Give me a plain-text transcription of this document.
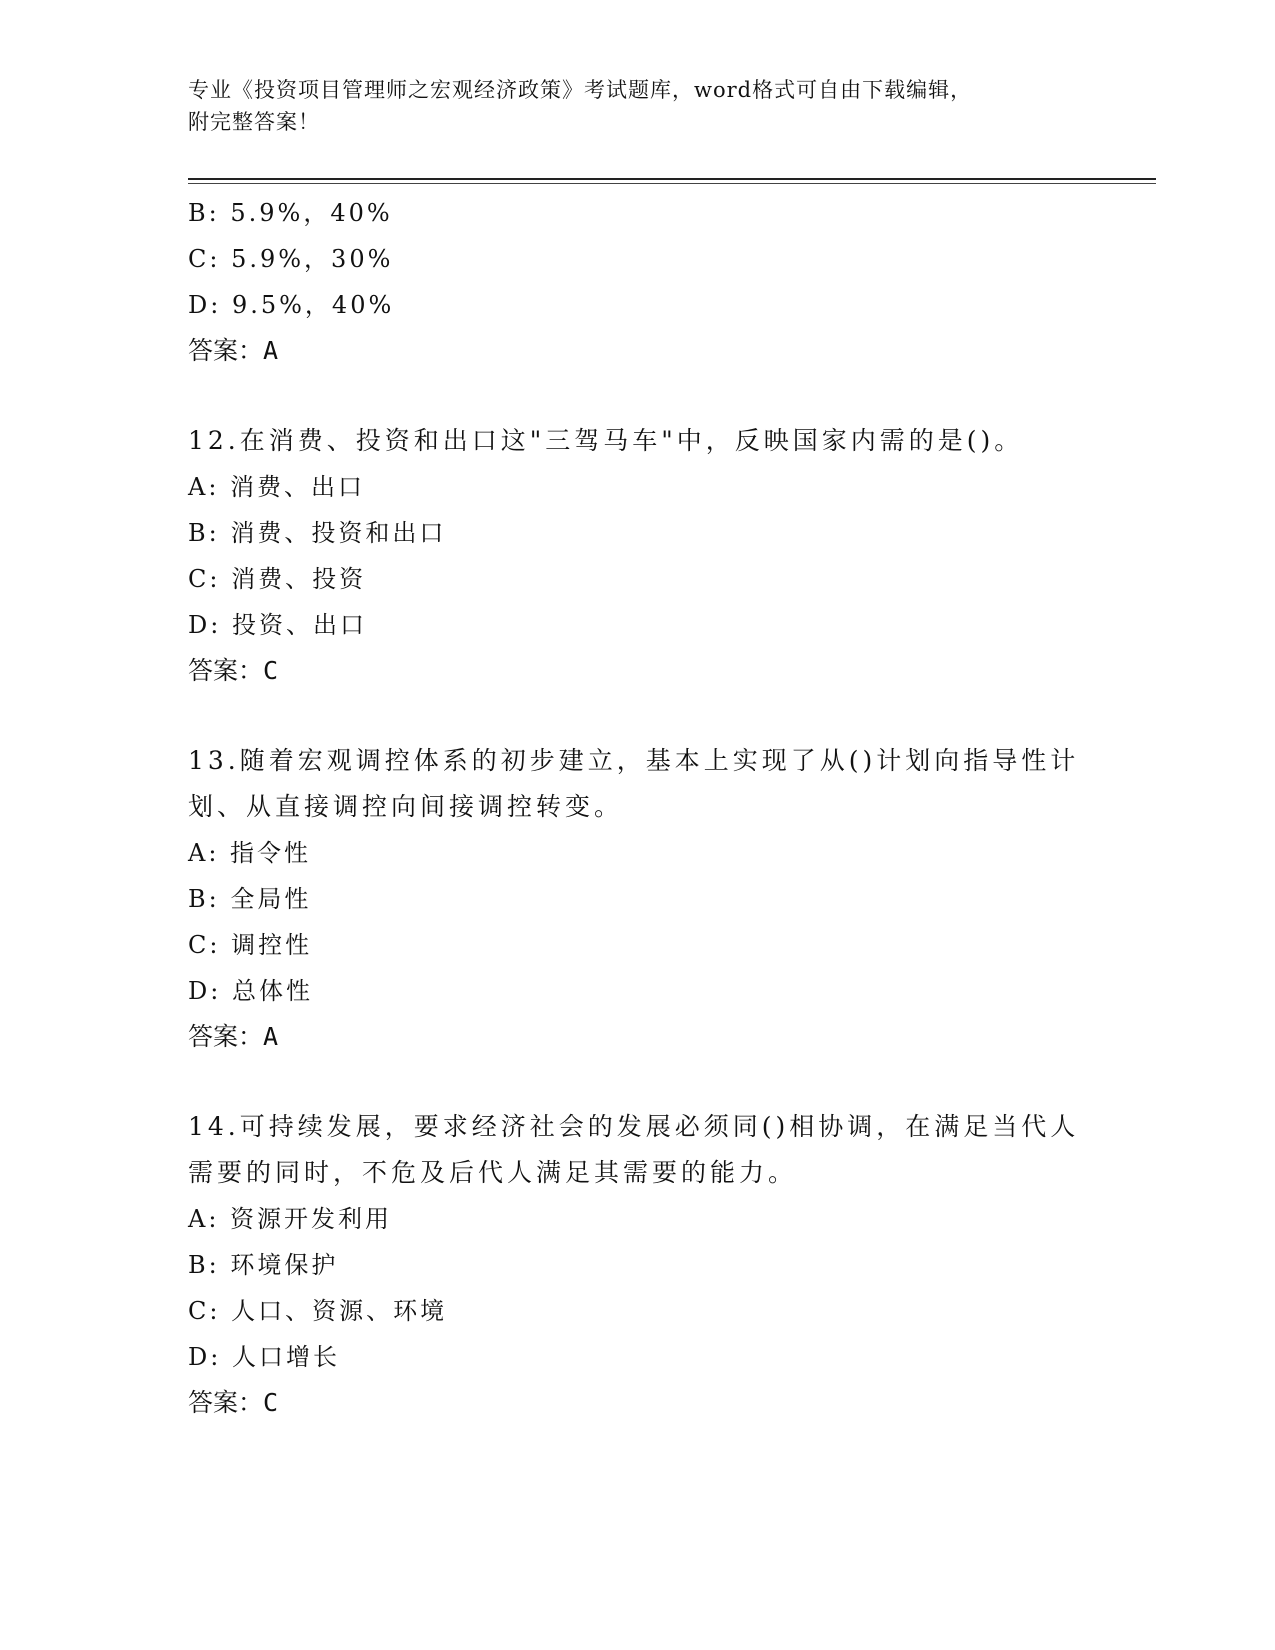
专业《投资项目管理师之宏观经济政策》考试题库，word格式可自由下载编辑，
附完整答案！
B: 5.9%，40%
C: 5.9%，30%
D: 9.5%，40%
答案：A
12.在消费、投资和出口这"三驾马车"中，反映国家内需的是()。
A: 消费、出口
B: 消费、投资和出口
C: 消费、投资
D: 投资、出口
答案：C
13.随着宏观调控体系的初步建立，基本上实现了从()计划向指导性计划、从直接调控向间接调控转变。
A: 指令性
B: 全局性
C: 调控性
D: 总体性
答案：A
14.可持续发展，要求经济社会的发展必须同()相协调，在满足当代人需要的同时，不危及后代人满足其需要的能力。
A: 资源开发利用
B: 环境保护
C: 人口、资源、环境
D: 人口增长
答案：C
